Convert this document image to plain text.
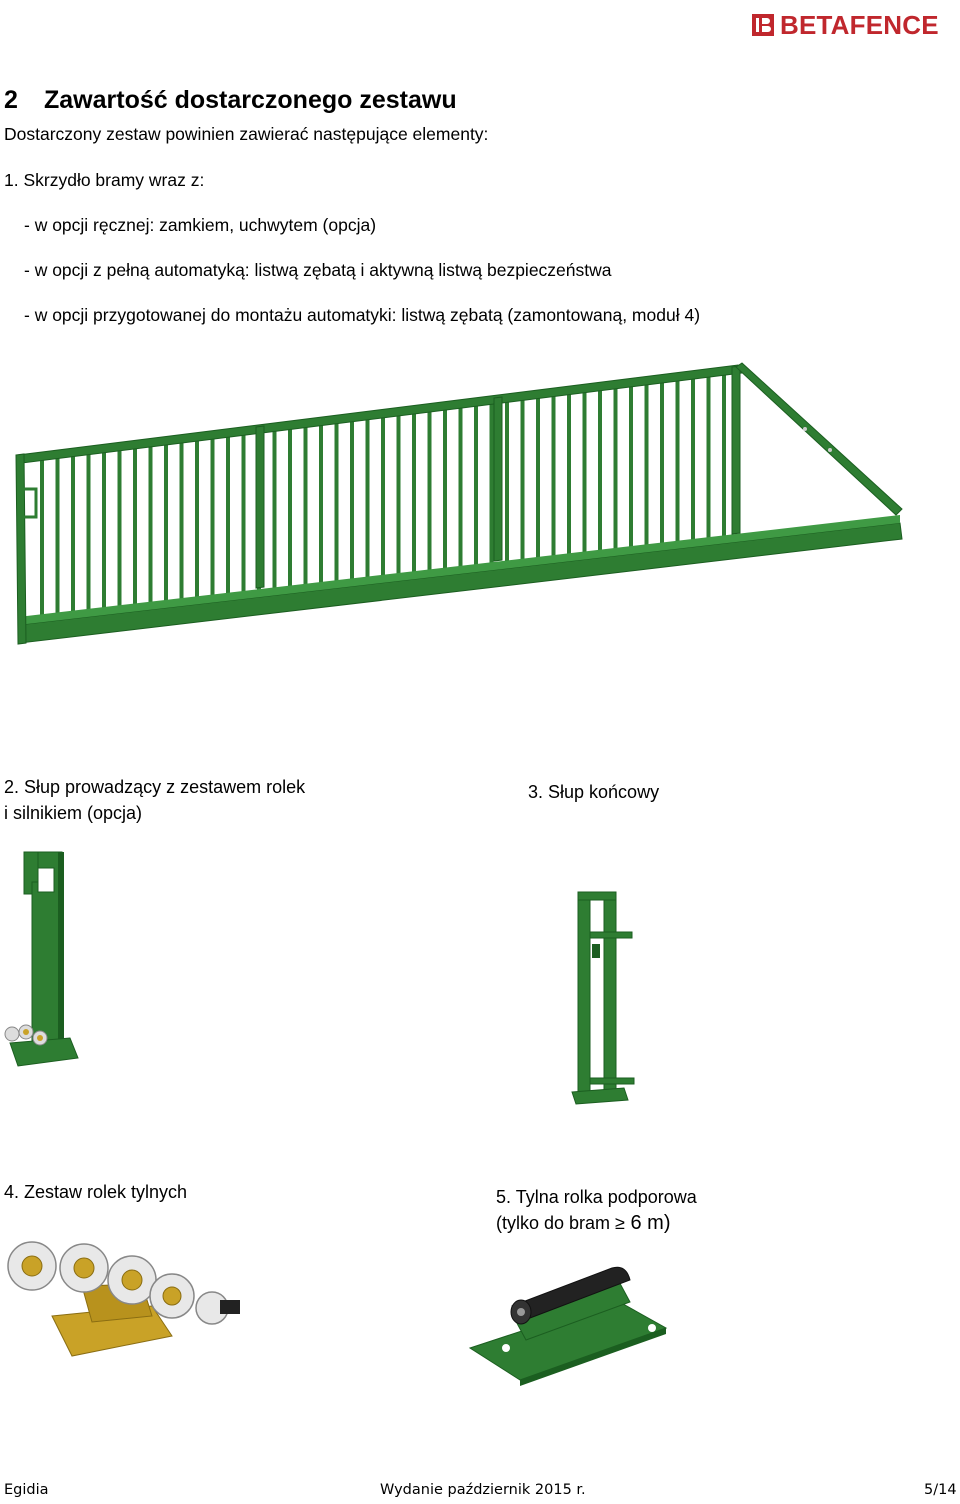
BETAFENCE
2 Zawartość dostarczonego zestawu
Dostarczony zestaw powinien zawierać następujące elementy:
1. Skrzydło bramy wraz z:
- w opcji ręcznej: zamkiem, uchwytem (opcja)
- w opcji z pełną automatyką: listwą zębatą i aktywną listwą bezpieczeństwa
- w opcji przygotowanej do montażu automatyki: listwą zębatą (zamontowaną, moduł 4)
2. Słup prowadzący z zestawem rolek
i silnikiem (opcja)
3. Słup końcowy
4. Zestaw rolek tylnych	5. Tylna rolka podporowa
(tylko do bram ≥ 6 m)
Egidia	Wydanie październik 2015 r.	5/14
